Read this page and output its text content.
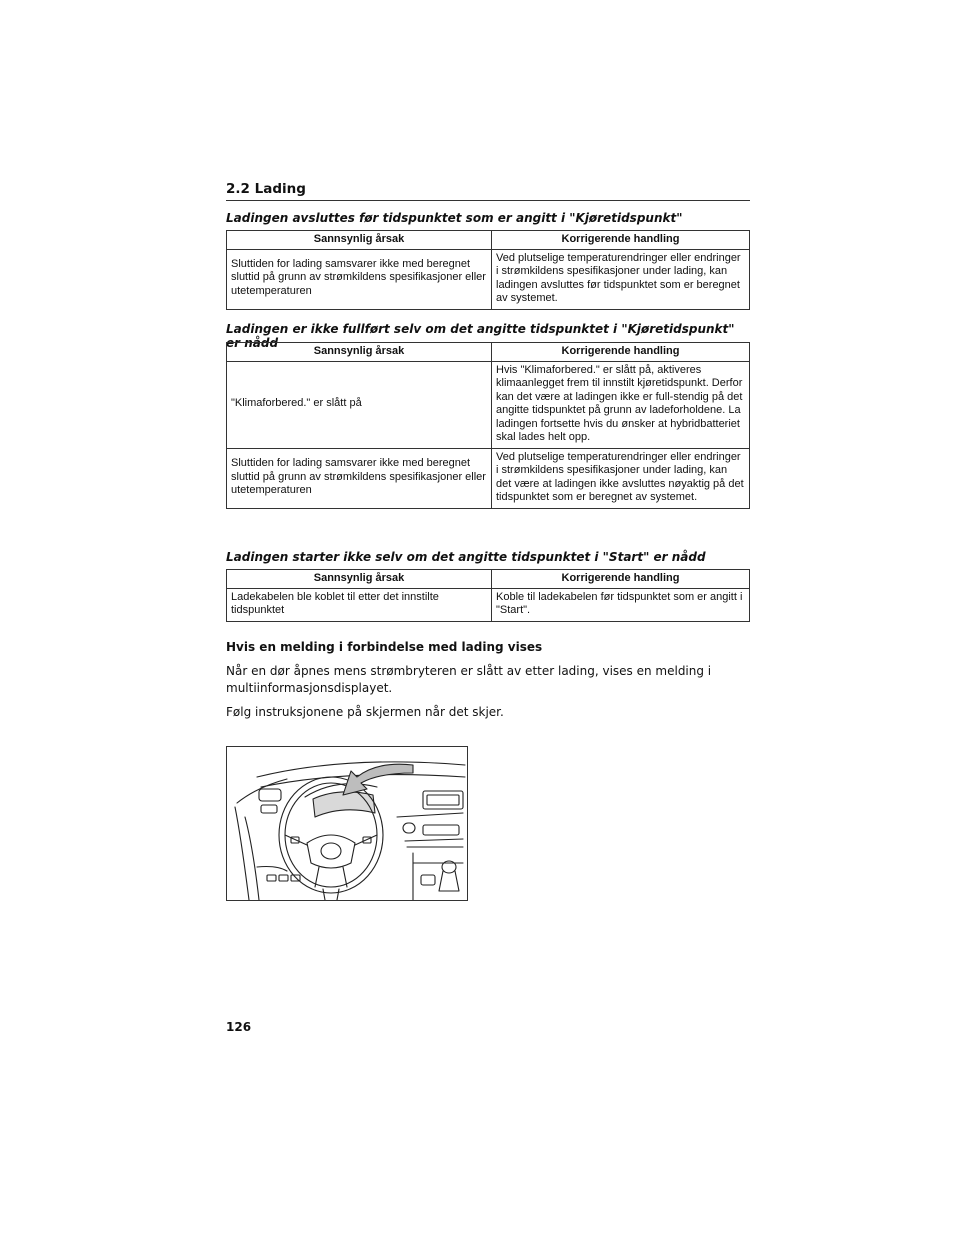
2.2 Lading
Ladingen avsluttes før tidspunktet som er angitt i "Kjøretidspunkt"
Sannsynlig årsak	Korrigerende handling
Sluttiden for lading samsvarer ikke med beregnet sluttid på grunn av strømkildens spesifikasjoner eller utetemperaturen	Ved plutselige temperaturendringer eller endringer i strømkildens spesifikasjoner under lading, kan ladingen avsluttes før tidspunktet som er beregnet av systemet.
Ladingen er ikke fullført selv om det angitte tidspunktet i "Kjøretidspunkt" er nådd
Sannsynlig årsak	Korrigerende handling
"Klimaforbered." er slått på	Hvis "Klimaforbered." er slått på, aktiveres klimaanlegget frem til innstilt kjøretidspunkt. Derfor kan det være at ladingen ikke er full-stendig på det angitte tidspunktet på grunn av ladeforholdene. La ladingen fortsette hvis du ønsker at hybridbatteriet skal lades helt opp.
Sluttiden for lading samsvarer ikke med beregnet sluttid på grunn av strømkildens spesifikasjoner eller utetemperaturen	Ved plutselige temperaturendringer eller endringer i strømkildens spesifikasjoner under lading, kan det være at ladingen ikke avsluttes nøyaktig på det tidspunktet som er beregnet av systemet.
Ladingen starter ikke selv om det angitte tidspunktet i "Start" er nådd
Sannsynlig årsak	Korrigerende handling
Ladekabelen ble koblet til etter det innstilte tidspunktet	Koble til ladekabelen før tidspunktet som er angitt i "Start".
Hvis en melding i forbindelse med lading vises
Når en dør åpnes mens strømbryteren er slått av etter lading, vises en melding i multiinformasjonsdisplayet.
Følg instruksjonene på skjermen når det skjer.
126
